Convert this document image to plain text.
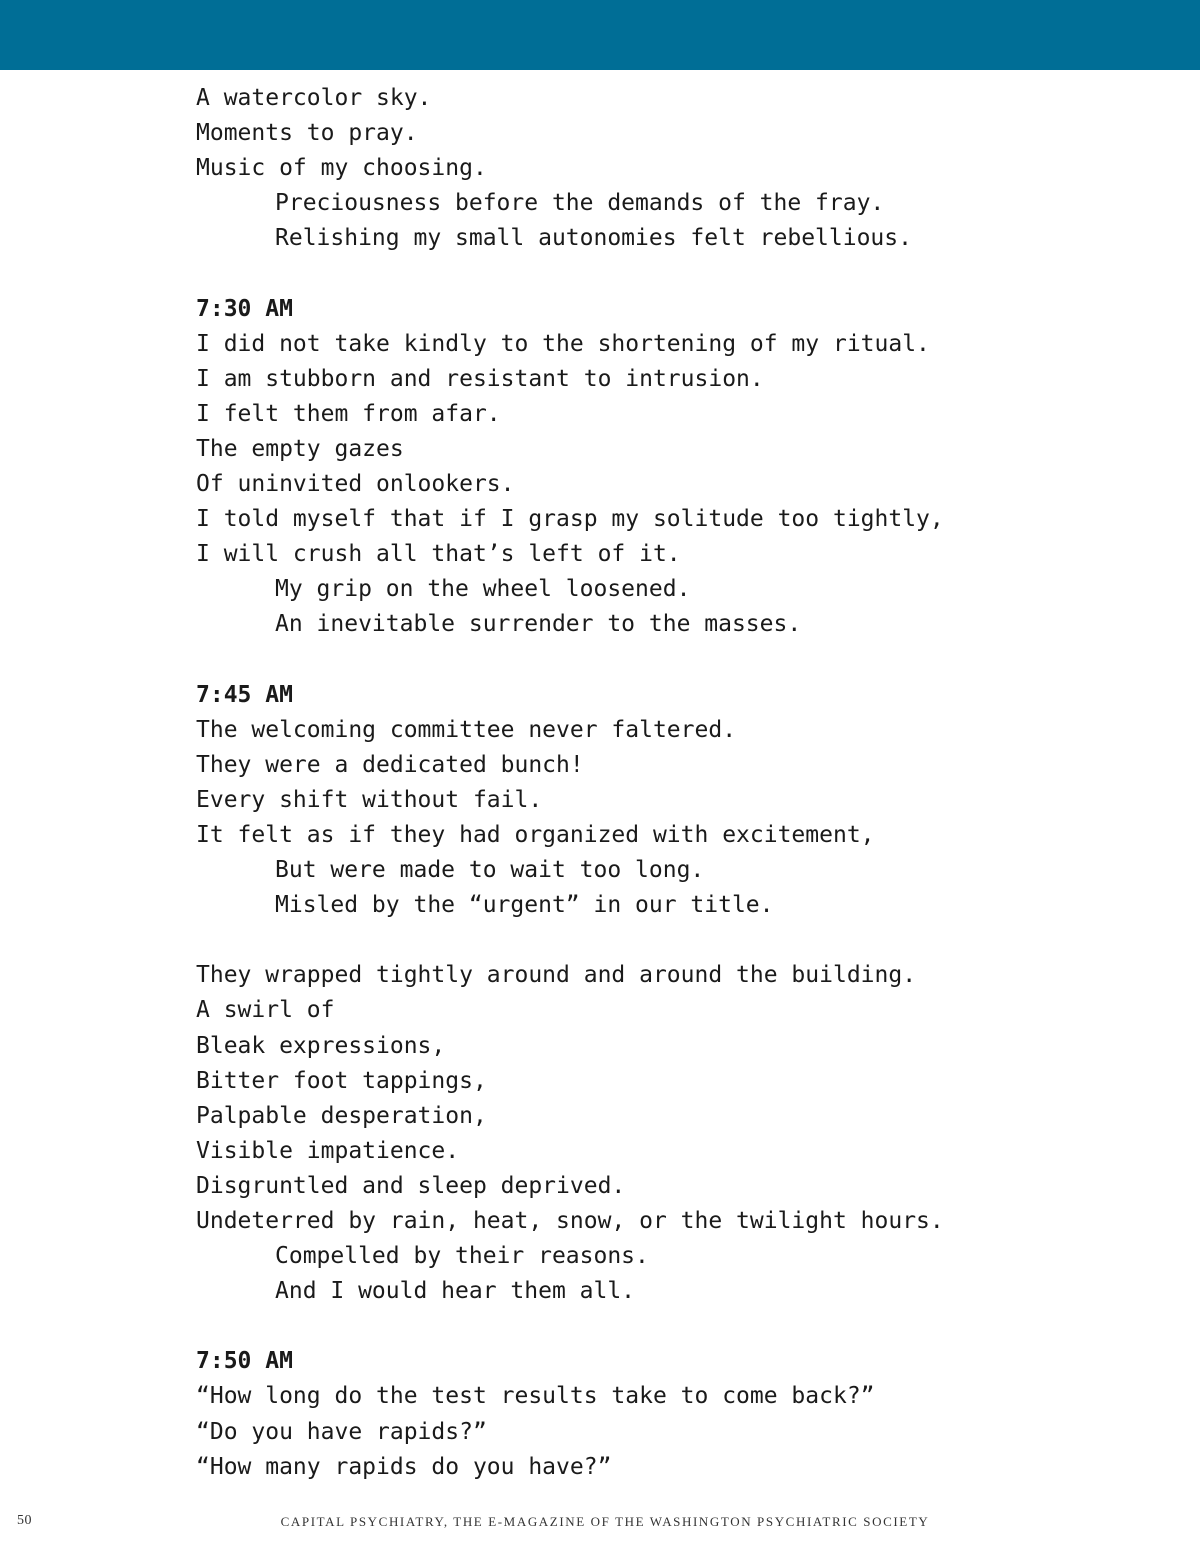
A watercolor sky.
Moments to pray.
Music of my choosing.
Preciousness before the demands of the fray.
Relishing my small autonomies felt rebellious.
7:30 AM
I did not take kindly to the shortening of my ritual.
I am stubborn and resistant to intrusion.
I felt them from afar.
The empty gazes
Of uninvited onlookers.
I told myself that if I grasp my solitude too tightly,
I will crush all that’s left of it.
My grip on the wheel loosened.
An inevitable surrender to the masses.
7:45 AM
The welcoming committee never faltered.
They were a dedicated bunch!
Every shift without fail.
It felt as if they had organized with excitement,
But were made to wait too long.
Misled by the “urgent” in our title.
They wrapped tightly around and around the building.
A swirl of
Bleak expressions,
Bitter foot tappings,
Palpable desperation,
Visible impatience.
Disgruntled and sleep deprived.
Undeterred by rain, heat, snow, or the twilight hours.
Compelled by their reasons.
And I would hear them all.
7:50 AM
“How long do the test results take to come back?”
“Do you have rapids?”
“How many rapids do you have?”
50	CAPITAL PSYCHIATRY, THE E-MAGAZINE OF THE WASHINGTON PSYCHIATRIC SOCIETY
